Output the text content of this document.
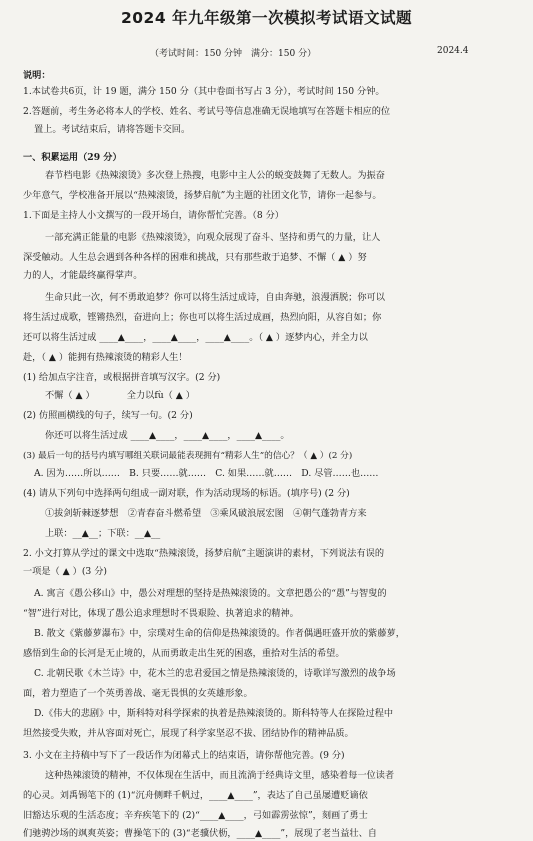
2024 年九年级第一次模拟考试语文试题
（考试时间：150 分钟　满分：150 分）	2024.4
说明：
1.本试卷共6页，计 19 题，满分 150 分（其中卷面书写占 3 分），考试时间 150 分钟。
2.答题前，考生务必将本人的学校、姓名、考试号等信息准确无误地填写在答题卡相应的位
置上。考试结束后，请将答题卡交回。
一、积累运用（29 分）
春节档电影《热辣滚烫》多次登上热搜，电影中主人公的蜕变鼓舞了无数人。为振奋
少年意气，学校准备开展以“热辣滚烫，扬梦启航”为主题的社团文化节，请你一起参与。
1.下面是主持人小文撰写的一段开场白，请你帮忙完善。（8 分）
一部充满正能量的电影《热辣滚烫》，向观众展现了奋斗、坚持和勇气的力量，让人
深受触动。人生总会遇到各种各样的困难和挑战，只有那些敢于追梦、不懈（ ▲ ）努
力的人，才能最终赢得掌声。
生命只此一次，何不勇敢追梦？你可以将生活过成诗，自由奔驰，浪漫洒脱；你可以
将生活过成歌，铿锵热烈，奋进向上；你也可以将生活过成画，热烈向阳，从容自如；你
还可以将生活过成 ____▲____，____▲____，____▲____。（ ▲ ）逐梦内心，并全力以
赴，（ ▲ ）能拥有热辣滚烫的精彩人生！
(1) 给加点字注音，或根据拼音填写汉字。(2 分)
不懈（ ▲ ）　　　　全力以fù（ ▲ ）
(2) 仿照画横线的句子，续写一句。(2 分)
你还可以将生活过成 ____▲____，____▲____，____▲____。
(3) 最后一句的括号内填写哪组关联词最能表现拥有“精彩人生”的信心？（ ▲ ）(2 分)
A. 因为……所以……　B. 只要……就……　C. 如果……就……　D. 尽管……也……
(4) 请从下列句中选择两句组成一副对联，作为活动现场的标语。(填序号) (2 分)
①拔剑斩棘逐梦想　②青春奋斗燃希望　③乘风破浪展宏图　④朝气蓬勃青方来
上联：__▲__；下联：__▲__
2. 小文打算从学过的课文中选取“热辣滚烫，扬梦启航”主题演讲的素材，下列说法有误的
一项是（ ▲ ）(3 分)
A. 寓言《愚公移山》中，愚公对理想的坚持是热辣滚烫的。文章把愚公的“愚”与智叟的
“智”进行对比，体现了愚公追求理想时不畏艰险、执著追求的精神。
B. 散文《紫藤萝瀑布》中，宗璞对生命的信仰是热辣滚烫的。作者偶遇旺盛开放的紫藤萝，
感悟到生命的长河是无止境的，从而勇敢走出生死的困惑，重拾对生活的希望。
C. 北朝民歌《木兰诗》中，花木兰的忠君爱国之情是热辣滚烫的，诗歌详写激烈的战争场
面，着力塑造了一个英勇善战、毫无畏惧的女英雄形象。
D.《伟大的悲剧》中，斯科特对科学探索的执着是热辣滚烫的。斯科特等人在探险过程中
坦然接受失败，并从容面对死亡，展现了科学家坚忍不拔、团结协作的精神品质。
3. 小文在主持稿中写下了一段话作为闭幕式上的结束语，请你帮他完善。(9 分)
这种热辣滚烫的精神，不仅体现在生活中，而且流淌于经典诗文里，感染着每一位读者
的心灵。刘禹锡笔下的 (1)“沉舟侧畔千帆过，____▲____”，表达了自己虽屡遭贬谪依
旧豁达乐观的生活态度；辛弃疾笔下的 (2)“____▲____，弓如霹雳弦惊”，刻画了勇士
们驰骋沙场的飒爽英姿；曹操笔下的 (3)“老骥伏枥，____▲____”，展现了老当益壮、自
